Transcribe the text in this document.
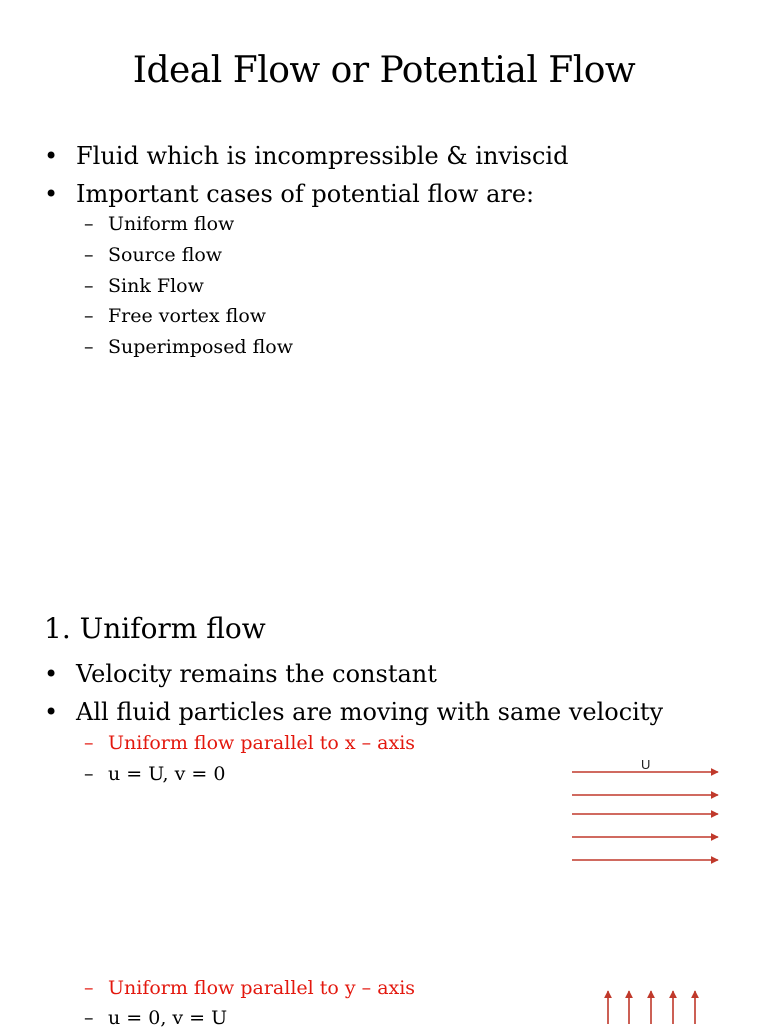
Ideal Flow or Potential Flow
• Fluid which is incompressible & inviscid
• Important cases of potential flow are:
– Uniform flow
– Source flow
– Sink Flow
– Free vortex flow
– Superimposed flow
1. Uniform flow
• Velocity remains the constant
• All fluid particles are moving with same velocity
– Uniform flow parallel to x – axis
– u = U, v = 0
– Uniform flow parallel to y – axis
– u = 0, v = U
U
